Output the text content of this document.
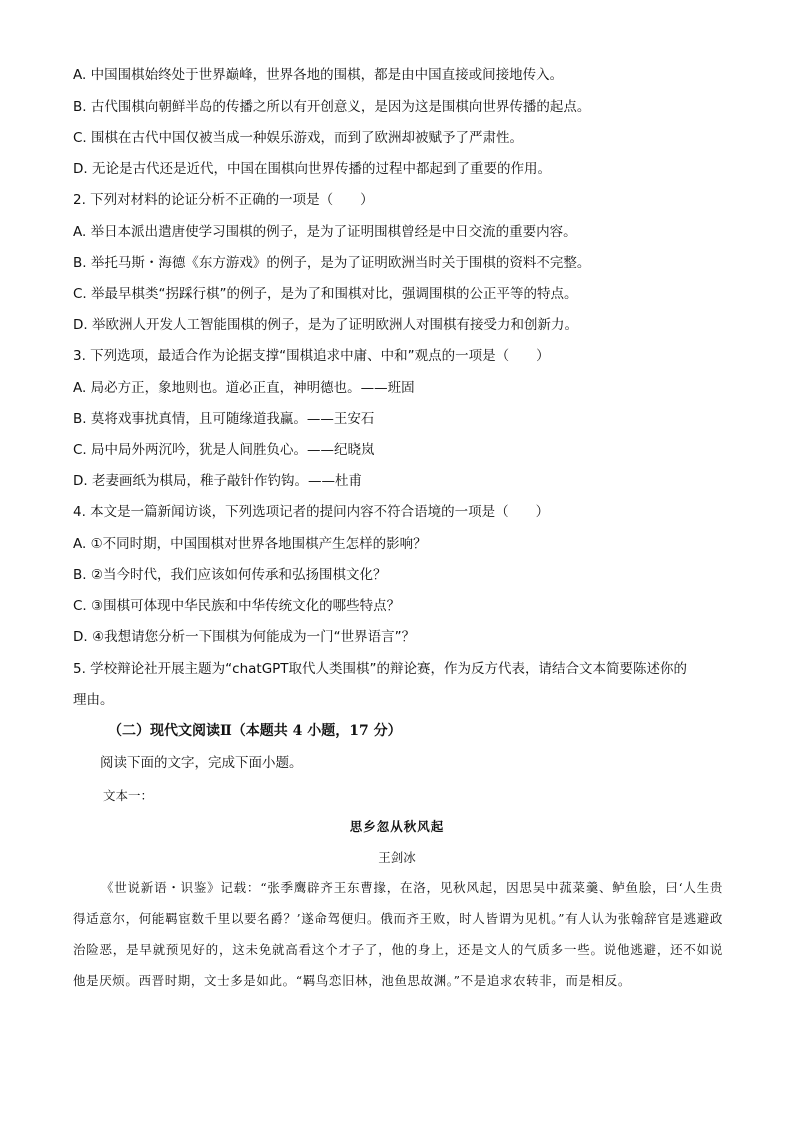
A. 中国围棋始终处于世界巅峰，世界各地的围棋，都是由中国直接或间接地传入。
B. 古代围棋向朝鲜半岛的传播之所以有开创意义，是因为这是围棋向世界传播的起点。
C. 围棋在古代中国仅被当成一种娱乐游戏，而到了欧洲却被赋予了严肃性。
D. 无论是古代还是近代，中国在围棋向世界传播的过程中都起到了重要的作用。
2. 下列对材料的论证分析不正确的一项是（　　）
A. 举日本派出遣唐使学习围棋的例子，是为了证明围棋曾经是中日交流的重要内容。
B. 举托马斯・海德《东方游戏》的例子，是为了证明欧洲当时关于围棋的资料不完整。
C. 举最早棋类“拐踩行棋”的例子，是为了和围棋对比，强调围棋的公正平等的特点。
D. 举欧洲人开发人工智能围棋的例子，是为了证明欧洲人对围棋有接受力和创新力。
3. 下列选项，最适合作为论据支撑“围棋追求中庸、中和”观点的一项是（　　）
A. 局必方正，象地则也。道必正直，神明德也。——班固
B. 莫将戏事扰真情，且可随缘道我赢。——王安石
C. 局中局外两沉吟，犹是人间胜负心。——纪晓岚
D. 老妻画纸为棋局，稚子敲针作钓钩。——杜甫
4. 本文是一篇新闻访谈，下列选项记者的提问内容不符合语境的一项是（　　）
A. ①不同时期，中国围棋对世界各地围棋产生怎样的影响？
B. ②当今时代，我们应该如何传承和弘扬围棋文化？
C. ③围棋可体现中华民族和中华传统文化的哪些特点？
D. ④我想请您分析一下围棋为何能成为一门“世界语言”？
5. 学校辩论社开展主题为“chatGPT取代人类围棋”的辩论赛，作为反方代表，请结合文本简要陈述你的
理由。
（二）现代文阅读Ⅱ（本题共 4 小题，17 分）
阅读下面的文字，完成下面小题。
文本一：
思乡忽从秋风起
王剑冰
《世说新语・识鉴》记载：“张季鹰辟齐王东曹掾，在洛，见秋风起，因思吴中菰菜羹、鲈鱼脍，曰‘人生贵得适意尔，何能羁宦数千里以要名爵？’遂命驾便归。俄而齐王败，时人皆谓为见机。”有人认为张翰辞官是逃避政治险恶，是早就预见好的，这未免就高看这个才子了，他的身上，还是文人的气质多一些。说他逃避，还不如说他是厌烦。西晋时期，文士多是如此。“羁鸟恋旧林，池鱼思故渊。”不是追求农转非，而是相反。
